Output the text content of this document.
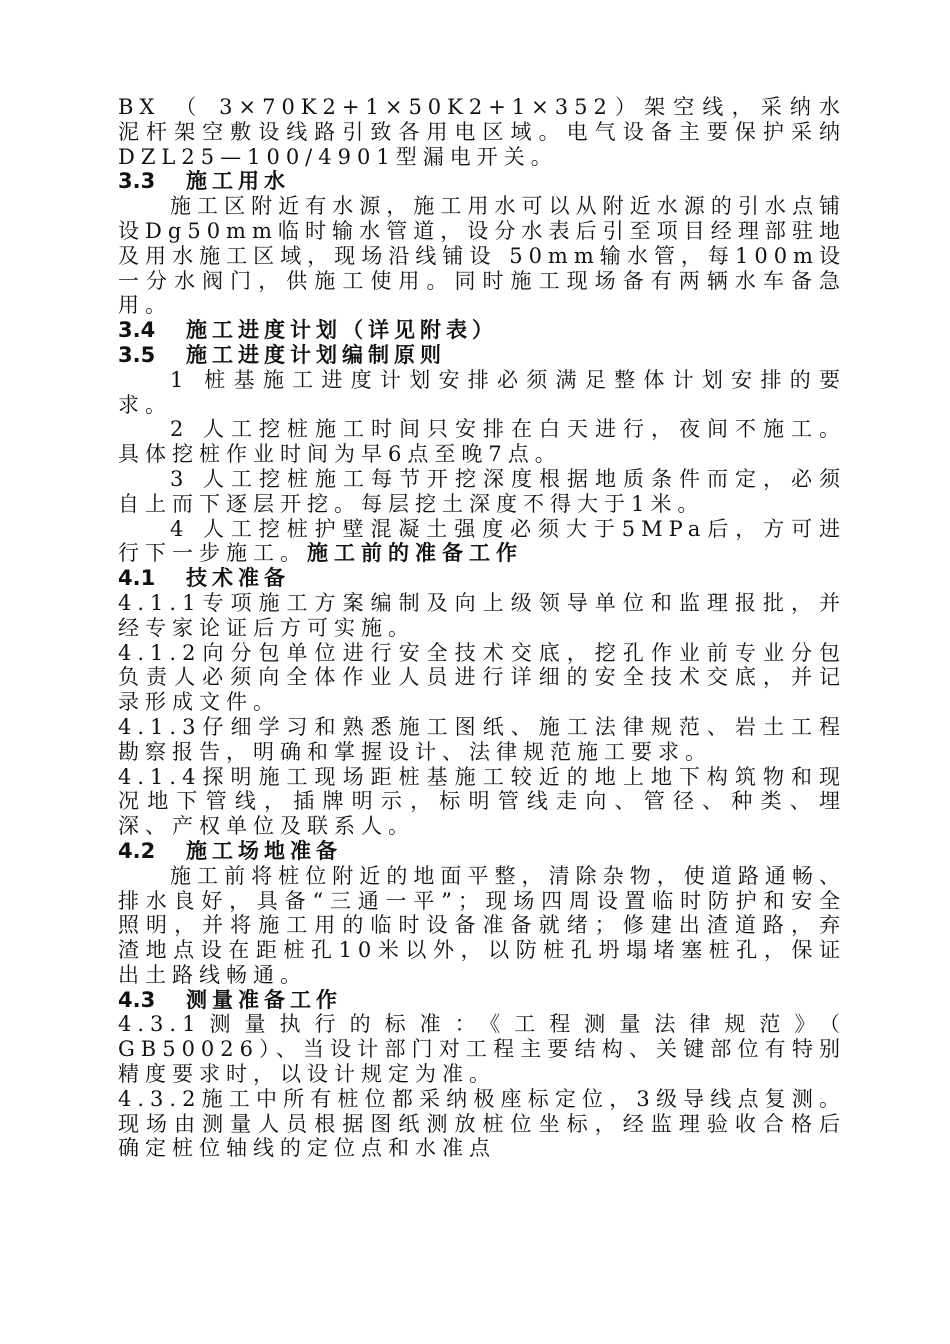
BX （ 3×70K2+1×50K2+1×352）架空线，采纳水泥杆架空敷设线路引致各用电区域。电气设备主要保护采纳DZL25—100/4901型漏电开关。

3.3 施工用水

施工区附近有水源，施工用水可以从附近水源的引水点铺设Dg50mm临时输水管道，设分水表后引至项目经理部驻地及用水施工区域，现场沿线铺设 50mm输水管，每100m设一分水阀门，供施工使用。同时施工现场备有两辆水车备急用。

3.4 施工进度计划（详见附表）

3.5 施工进度计划编制原则

1 桩基施工进度计划安排必须满足整体计划安排的要求。

2 人工挖桩施工时间只安排在白天进行，夜间不施工。具体挖桩作业时间为早6点至晚7点。

3 人工挖桩施工每节开挖深度根据地质条件而定，必须自上而下逐层开挖。每层挖土深度不得大于1米。

4 人工挖桩护壁混凝土强度必须大于5MPa后，方可进行下一步施工。施工前的准备工作

4.1 技术准备

4.1.1专项施工方案编制及向上级领导单位和监理报批，并经专家论证后方可实施。

4.1.2向分包单位进行安全技术交底，挖孔作业前专业分包负责人必须向全体作业人员进行详细的安全技术交底，并记录形成文件。

4.1.3仔细学习和熟悉施工图纸、施工法律规范、岩土工程勘察报告，明确和掌握设计、法律规范施工要求。

4.1.4探明施工现场距桩基施工较近的地上地下构筑物和现况地下管线，插牌明示，标明管线走向、管径、种类、埋深、产权单位及联系人。

4.2 施工场地准备

施工前将桩位附近的地面平整，清除杂物，使道路通畅、排水良好，具备“三通一平”；现场四周设置临时防护和安全照明，并将施工用的临时设备准备就绪；修建出渣道路，弃渣地点设在距桩孔10米以外，以防桩孔坍塌堵塞桩孔，保证出土路线畅通。

4.3 测量准备工作

4.3.1测量执行的标准：《工程测量法律规范》（ GB50026）、当设计部门对工程主要结构、关键部位有特别精度要求时，以设计规定为准。

4.3.2施工中所有桩位都采纳极座标定位，3级导线点复测。现场由测量人员根据图纸测放桩位坐标，经监理验收合格后确定桩位轴线的定位点和水准点
